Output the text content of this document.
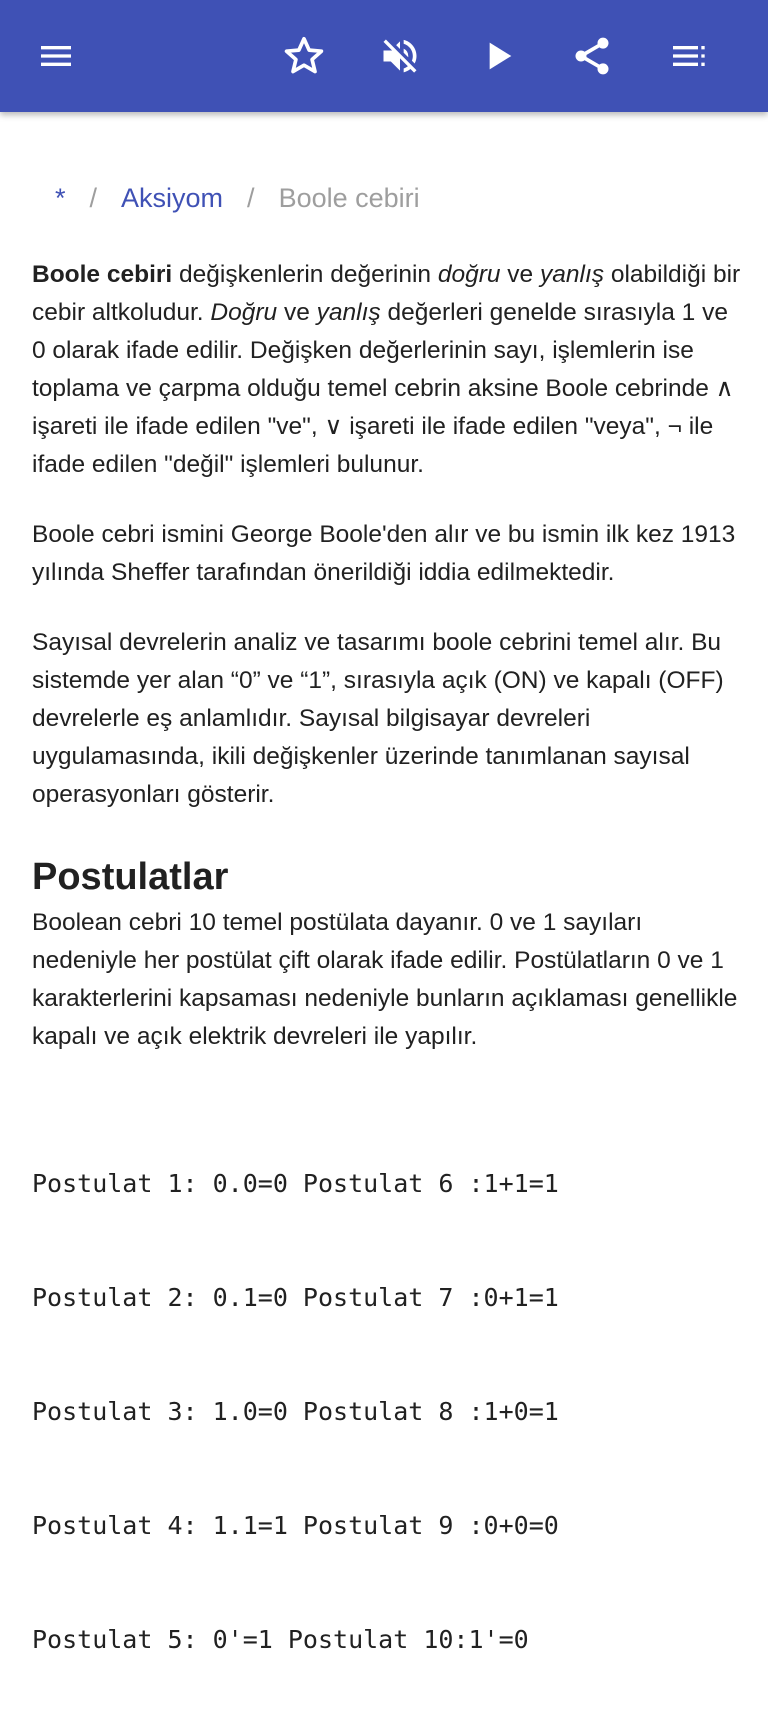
* / Aksiyom / Boole cebiri
Boole cebiri değişkenlerin değerinin doğru ve yanlış olabildiği bir cebir altkoludur. Doğru ve yanlış değerleri genelde sırasıyla 1 ve 0 olarak ifade edilir. Değişken değerlerinin sayı, işlemlerin ise toplama ve çarpma olduğu temel cebrin aksine Boole cebrinde ∧ işareti ile ifade edilen "ve", ∨ işareti ile ifade edilen "veya", ¬ ile ifade edilen "değil" işlemleri bulunur.
Boole cebri ismini George Boole'den alır ve bu ismin ilk kez 1913 yılında Sheffer tarafından önerildiği iddia edilmektedir.
Sayısal devrelerin analiz ve tasarımı boole cebrini temel alır. Bu sistemde yer alan “0” ve “1”, sırasıyla açık (ON) ve kapalı (OFF) devrelerle eş anlamlıdır. Sayısal bilgisayar devreleri uygulamasında, ikili değişkenler üzerinde tanımlanan sayısal operasyonları gösterir.
Postulatlar
Boolean cebri 10 temel postülata dayanır. 0 ve 1 sayıları nedeniyle her postülat çift olarak ifade edilir. Postülatların 0 ve 1 karakterlerini kapsaması nedeniyle bunların açıklaması genellikle kapalı ve açık elektrik devreleri ile yapılır.

Postulat 1: 0.0=0 Postulat 6 :1+1=1

Postulat 2: 0.1=0 Postulat 7 :0+1=1

Postulat 3: 1.0=0 Postulat 8 :1+0=1

Postulat 4: 1.1=1 Postulat 9 :0+0=0

Postulat 5: 0'=1 Postulat 10:1'=0
